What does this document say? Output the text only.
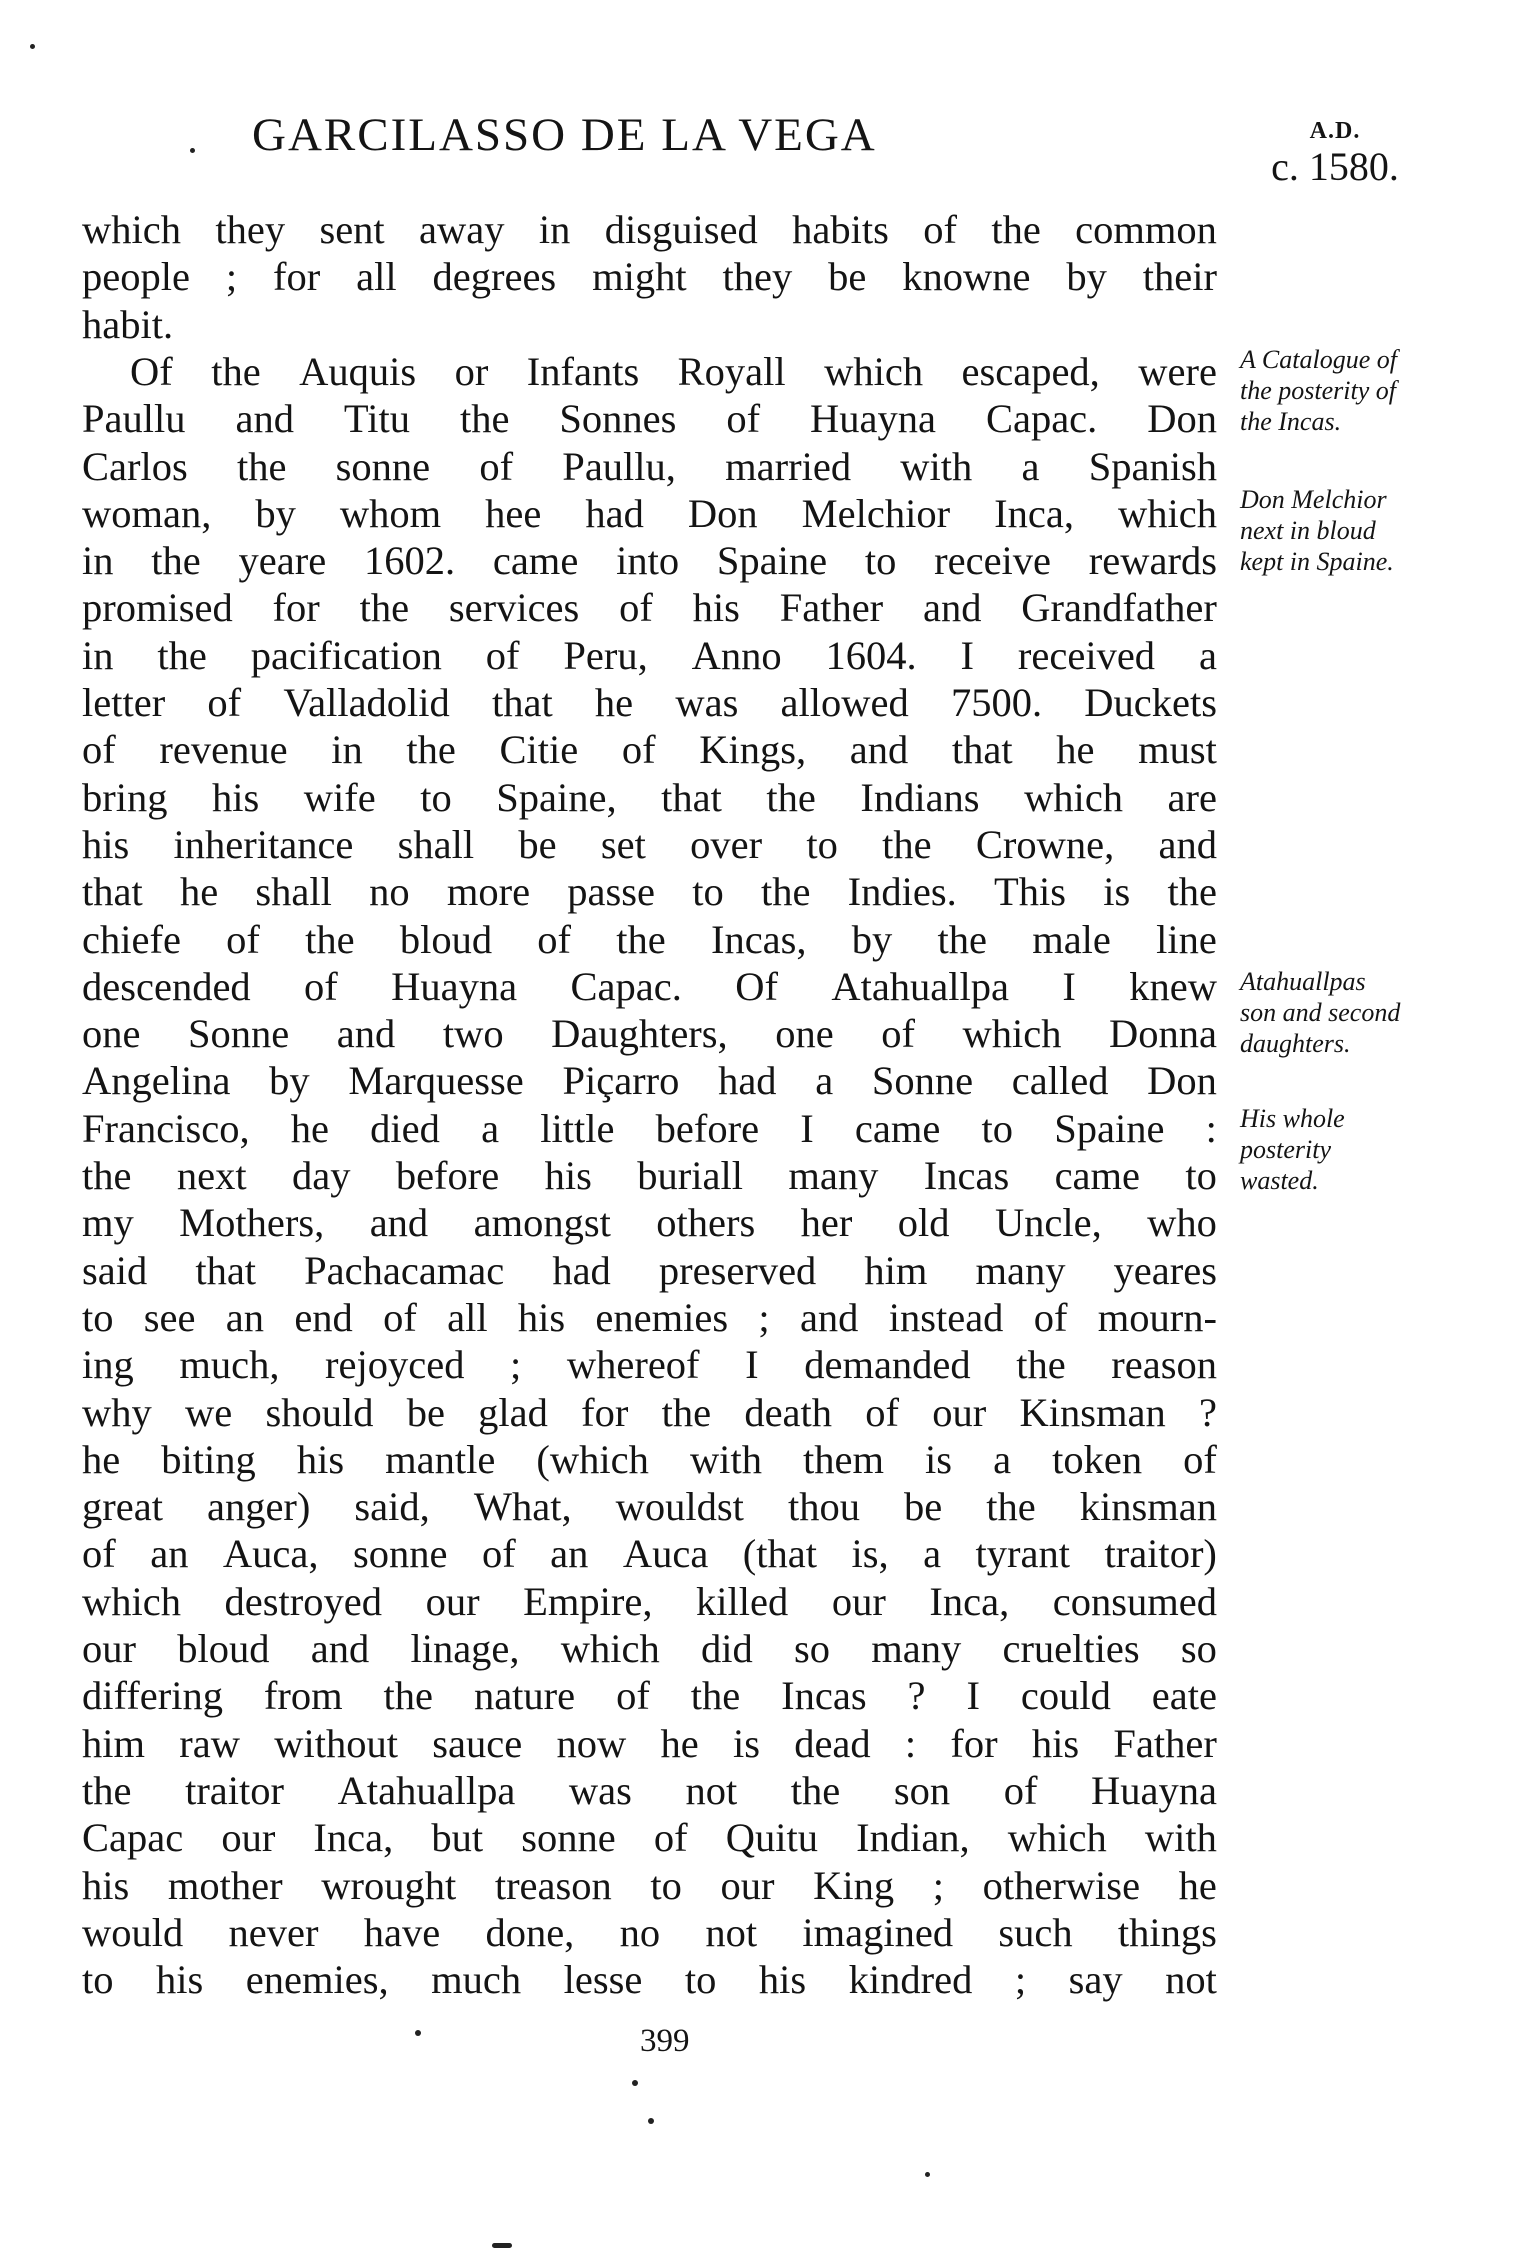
GARCILASSO DE LA VEGA	A.D.
c. 1580.
which they sent away in disguised habits of the common
people ; for all degrees might they be knowne by their
habit.
Of the Auquis or Infants Royall which escaped, were
Paullu and Titu the Sonnes of Huayna Capac. Don
Carlos the sonne of Paullu, married with a Spanish
woman, by whom hee had Don Melchior Inca, which
in the yeare 1602. came into Spaine to receive rewards
promised for the services of his Father and Grandfather
in the pacification of Peru, Anno 1604. I received a
letter of Valladolid that he was allowed 7500. Duckets
of revenue in the Citie of Kings, and that he must
bring his wife to Spaine, that the Indians which are
his inheritance shall be set over to the Crowne, and
that he shall no more passe to the Indies. This is the
chiefe of the bloud of the Incas, by the male line
descended of Huayna Capac. Of Atahuallpa I knew
one Sonne and two Daughters, one of which Donna
Angelina by Marquesse Piçarro had a Sonne called Don
Francisco, he died a little before I came to Spaine :
the next day before his buriall many Incas came to
my Mothers, and amongst others her old Uncle, who
said that Pachacamac had preserved him many yeares
to see an end of all his enemies ; and instead of mourn-
ing much, rejoyced ; whereof I demanded the reason
why we should be glad for the death of our Kinsman ?
he biting his mantle (which with them is a token of
great anger) said, What, wouldst thou be the kinsman
of an Auca, sonne of an Auca (that is, a tyrant traitor)
which destroyed our Empire, killed our Inca, consumed
our bloud and linage, which did so many cruelties so
differing from the nature of the Incas ? I could eate
him raw without sauce now he is dead : for his Father
the traitor Atahuallpa was not the son of Huayna
Capac our Inca, but sonne of Quitu Indian, which with
his mother wrought treason to our King ; otherwise he
would never have done, no not imagined such things
to his enemies, much lesse to his kindred ; say not
A Catalogue of
the posterity of
the Incas.
Don Melchior
next in bloud
kept in Spaine.
Atahuallpas
son and second
daughters.
His whole
posterity
wasted.
399
